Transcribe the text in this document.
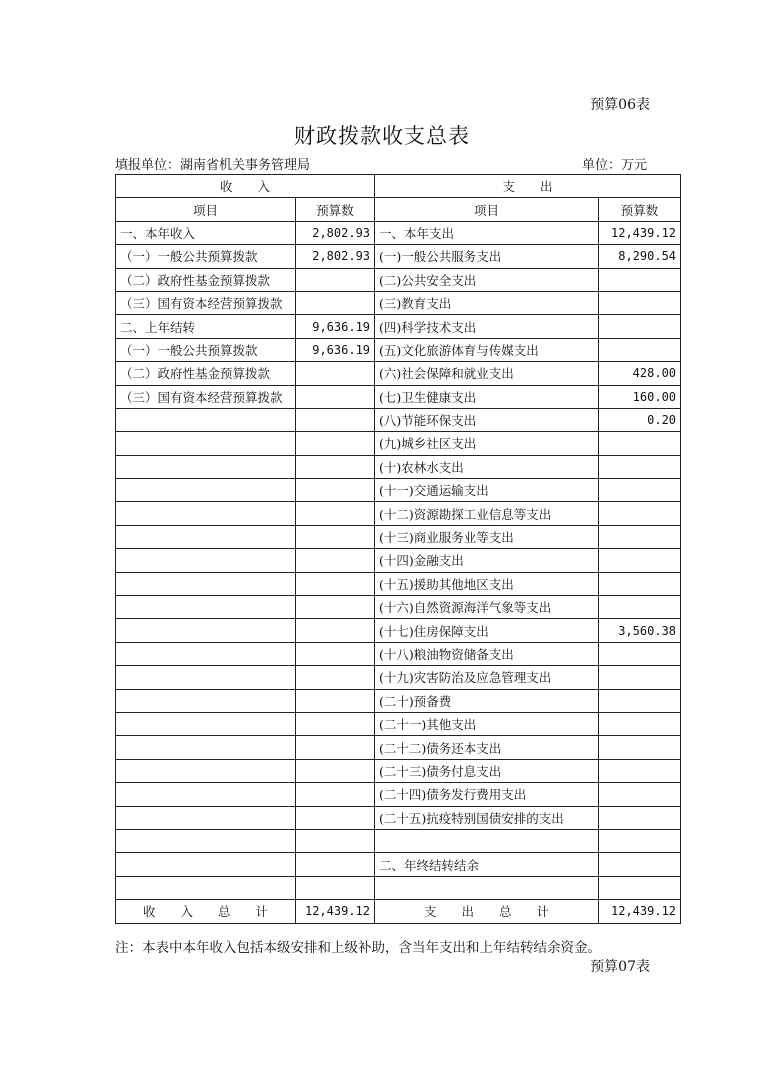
预算06表
财政拨款收支总表
填报单位：湖南省机关事务管理局	单位：万元
收　　入		支　　出	
项目	预算数	项目	预算数
一、本年收入	2,802.93	一、本年支出	12,439.12
（一）一般公共预算拨款	2,802.93	(一)一般公共服务支出	8,290.54
（二）政府性基金预算拨款		(二)公共安全支出	
（三）国有资本经营预算拨款		(三)教育支出	
二、上年结转	9,636.19	(四)科学技术支出	
（一）一般公共预算拨款	9,636.19	(五)文化旅游体育与传媒支出	
（二）政府性基金预算拨款		(六)社会保障和就业支出	428.00
（三）国有资本经营预算拨款		(七)卫生健康支出	160.00
		(八)节能环保支出	0.20
		(九)城乡社区支出	
		(十)农林水支出	
		(十一)交通运输支出	
		(十二)资源勘探工业信息等支出	
		(十三)商业服务业等支出	
		(十四)金融支出	
		(十五)援助其他地区支出	
		(十六)自然资源海洋气象等支出	
		(十七)住房保障支出	3,560.38
		(十八)粮油物资储备支出	
		(十九)灾害防治及应急管理支出	
		(二十)预备费	
		(二十一)其他支出	
		(二十二)债务还本支出	
		(二十三)债务付息支出	
		(二十四)债务发行费用支出	
		(二十五)抗疫特别国债安排的支出	

		二、年终结转结余	

收　　入　　总　　计	12,439.12	支　　出　　总　　计	12,439.12
注：本表中本年收入包括本级安排和上级补助，含当年支出和上年结转结余资金。
预算07表
